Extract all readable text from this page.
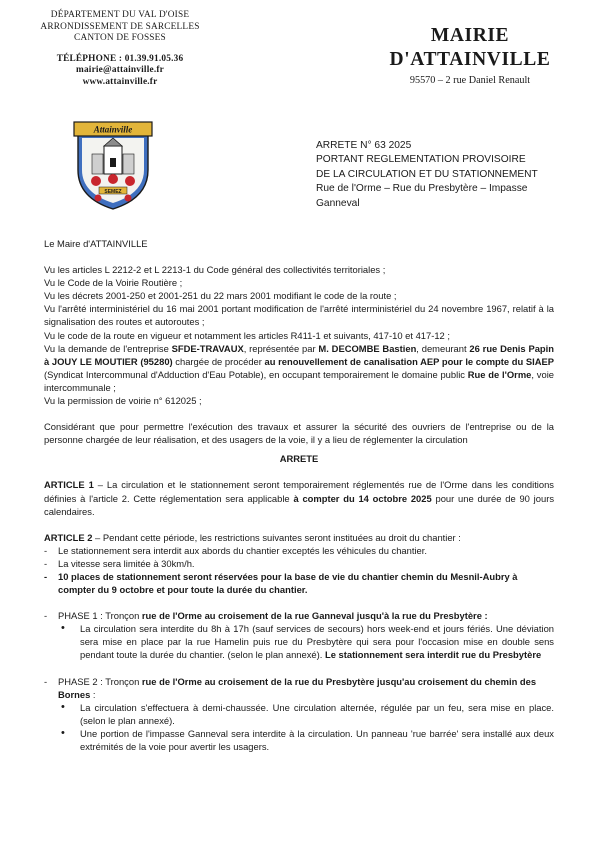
DÉPARTEMENT DU VAL D'OISE
ARRONDISSEMENT DE SARCELLES
CANTON DE FOSSES
TÉLÉPHONE : 01.39.91.05.36
mairie@attainville.fr
www.attainville.fr
MAIRIE
D'ATTAINVILLE
95570 – 2 rue Daniel Renault
Attainville
SEMEZ
ARRETE N° 63 2025
PORTANT REGLEMENTATION PROVISOIRE
DE LA CIRCULATION ET DU STATIONNEMENT
Rue de l'Orme – Rue du Presbytère – Impasse
Ganneval

Le Maire d'ATTAINVILLE

Vu les articles L 2212-2 et L 2213-1 du Code général des collectivités territoriales ;

Vu le Code de la Voirie Routière ;

Vu les décrets 2001-250 et 2001-251 du 22 mars 2001 modifiant le code de la route ;

Vu l'arrêté interministériel du 16 mai 2001 portant modification de l'arrêté interministériel du 24 novembre 1967, relatif à la signalisation des routes et autoroutes ;

Vu le code de la route en vigueur et notamment les articles R411-1 et suivants, 417-10 et 417-12 ;

Vu la demande de l'entreprise SFDE-TRAVAUX, représentée par M. DECOMBE Bastien, demeurant 26 rue Denis Papin à JOUY LE MOUTIER (95280) chargée de procéder au renouvellement de canalisation AEP pour le compte du SIAEP (Syndicat Intercommunal d'Adduction d'Eau Potable), en occupant temporairement le domaine public Rue de l'Orme, voie intercommunale ;

Vu la permission de voirie n° 612025 ;

Considérant que pour permettre l'exécution des travaux et assurer la sécurité des ouvriers de l'entreprise ou de la personne chargée de leur réalisation, et des usagers de la voie, il y a lieu de réglementer la circulation

ARRETE

ARTICLE 1 – La circulation et le stationnement seront temporairement réglementés rue de l'Orme dans les conditions définies à l'article 2. Cette réglementation sera applicable à compter du 14 octobre 2025 pour une durée de 90 jours calendaires.

ARTICLE 2 – Pendant cette période, les restrictions suivantes seront instituées au droit du chantier :

- Le stationnement sera interdit aux abords du chantier exceptés les véhicules du chantier.
- La vitesse sera limitée à 30km/h.
- 10 places de stationnement seront réservées pour la base de vie du chantier chemin du Mesnil-Aubry à compter du 9 octobre et pour toute la durée du chantier.

- PHASE 1 : Tronçon rue de l'Orme au croisement de la rue Ganneval jusqu'à la rue du Presbytère :

• La circulation sera interdite du 8h à 17h (sauf services de secours) hors week-end et jours fériés. Une déviation sera mise en place par la rue Hamelin puis rue du Presbytère qui sera pour l'occasion mise en double sens pendant toute la durée du chantier. (selon le plan annexé). Le stationnement sera interdit rue du Presbytère

- PHASE 2 : Tronçon rue de l'Orme au croisement de la rue du Presbytère jusqu'au croisement du chemin des Bornes :

• La circulation s'effectuera à demi-chaussée. Une circulation alternée, régulée par un feu, sera mise en place. (selon le plan annexé).
• Une portion de l'impasse Ganneval sera interdite à la circulation. Un panneau 'rue barrée' sera installé aux deux extrémités de la voie pour avertir les usagers.
